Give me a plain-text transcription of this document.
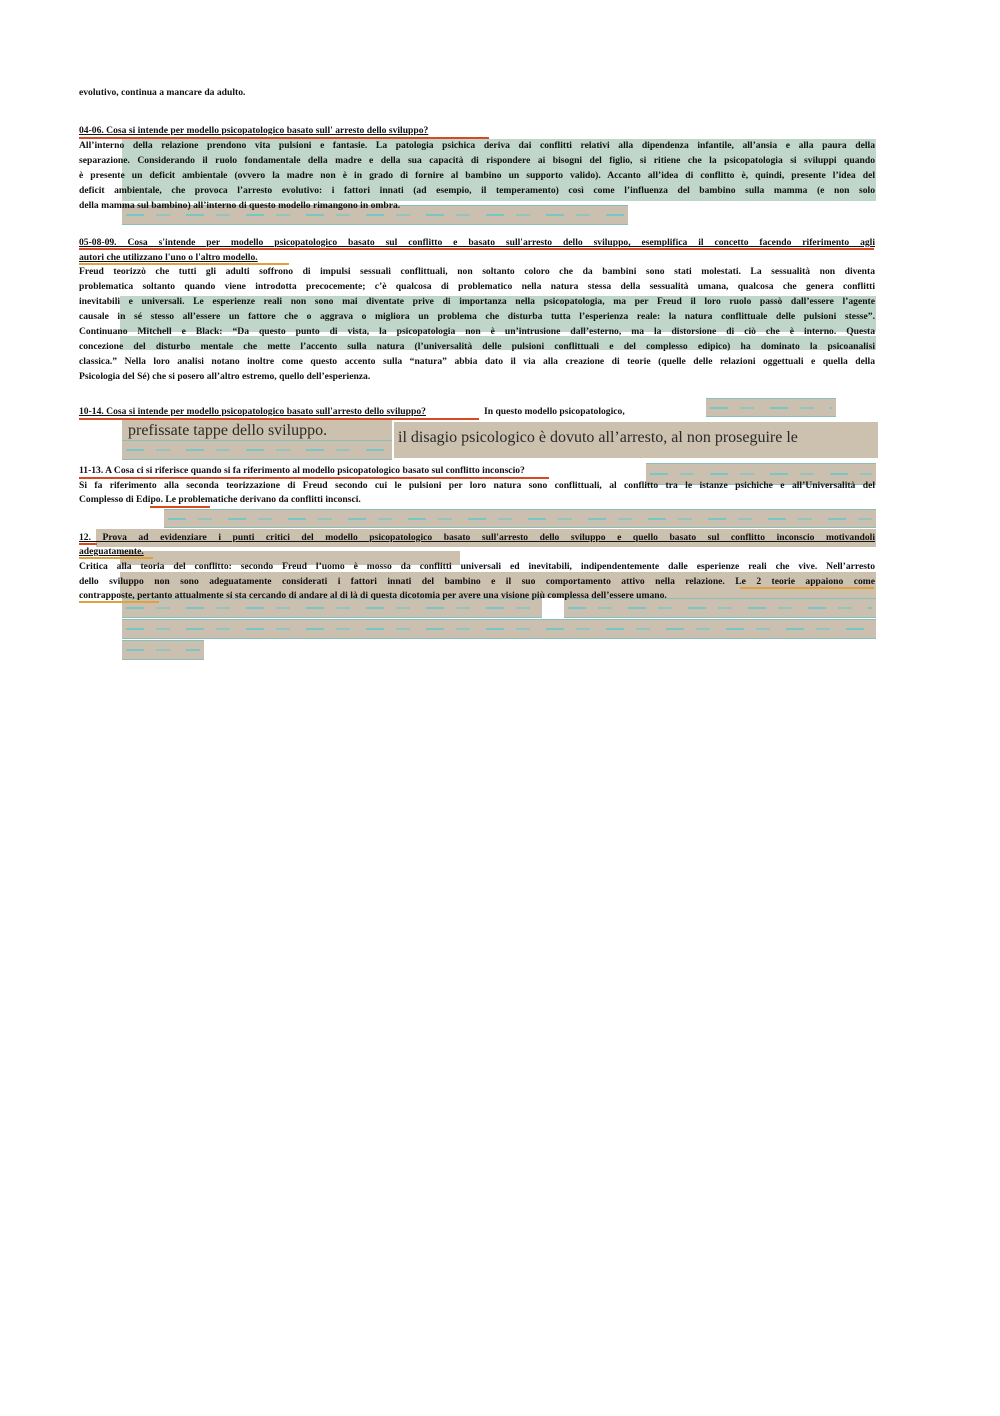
evolutivo, continua a mancare da adulto.
04-06. Cosa si intende per modello psicopatologico basato sull' arresto dello sviluppo?
All’interno della relazione prendono vita pulsioni e fantasie. La patologia psichica deriva dai conflitti relativi alla dipendenza infantile, all’ansia e alla paura della
separazione. Considerando il ruolo fondamentale della madre e della sua capacità di rispondere ai bisogni del figlio, si ritiene che la psicopatologia si sviluppi quando
è presente un deficit ambientale (ovvero la madre non è in grado di fornire al bambino un supporto valido). Accanto all’idea di conflitto è, quindi, presente l’idea del
deficit ambientale, che provoca l’arresto evolutivo: i fattori innati (ad esempio, il temperamento) così come l’influenza del bambino sulla mamma (e non solo
della mamma sul bambino) all’interno di questo modello rimangono in ombra.
05-08-09. Cosa s'intende per modello psicopatologico basato sul conflitto e basato sull'arresto dello sviluppo, esemplifica il concetto facendo riferimento agli
autori che utilizzano l'uno o l'altro modello.
Freud teorizzò che tutti gli adulti soffrono di impulsi sessuali conflittuali, non soltanto coloro che da bambini sono stati molestati. La sessualità non diventa
problematica soltanto quando viene introdotta precocemente; c’è qualcosa di problematico nella natura stessa della sessualità umana, qualcosa che genera conflitti
inevitabili e universali. Le esperienze reali non sono mai diventate prive di importanza nella psicopatologia, ma per Freud il loro ruolo passò dall’essere l’agente
causale in sé stesso all’essere un fattore che o aggrava o migliora un problema che disturba tutta l’esperienza reale: la natura conflittuale delle pulsioni stesse”.
Continuano Mitchell e Black: “Da questo punto di vista, la psicopatologia non è un’intrusione dall’esterno, ma la distorsione di ciò che è interno. Questa
concezione del disturbo mentale che mette l’accento sulla natura (l’universalità delle pulsioni conflittuali e del complesso edipico) ha dominato la psicoanalisi
classica.” Nella loro analisi notano inoltre come questo accento sulla “natura” abbia dato il via alla creazione di teorie (quelle delle relazioni oggettuali e quella della
Psicologia del Sé) che si posero all’altro estremo, quello dell’esperienza.
10-14. Cosa si intende per modello psicopatologico basato sull'arresto dello sviluppo?	In questo modello psicopatologico,
prefissate tappe dello sviluppo.	il disagio psicologico è dovuto all’arresto, al non proseguire le
11-13. A Cosa ci si riferisce quando si fa riferimento al modello psicopatologico basato sul conflitto inconscio?
Si fa riferimento alla seconda teorizzazione di Freud secondo cui le pulsioni per loro natura sono conflittuali, al conflitto tra le istanze psichiche e all’Universalità del
Complesso di Edipo. Le problematiche derivano da conflitti inconsci.
12. Prova ad evidenziare i punti critici del modello psicopatologico basato sull'arresto dello sviluppo e quello basato sul conflitto inconscio motivandoli
adeguatamente.
Critica alla teoria del conflitto: secondo Freud l’uomo è mosso da conflitti universali ed inevitabili, indipendentemente dalle esperienze reali che vive. Nell’arresto
dello sviluppo non sono adeguatamente considerati i fattori innati del bambino e il suo comportamento attivo nella relazione. Le 2 teorie appaiono come
contrapposte, pertanto attualmente si sta cercando di andare al di là di questa dicotomia per avere una visione più complessa dell’essere umano.
